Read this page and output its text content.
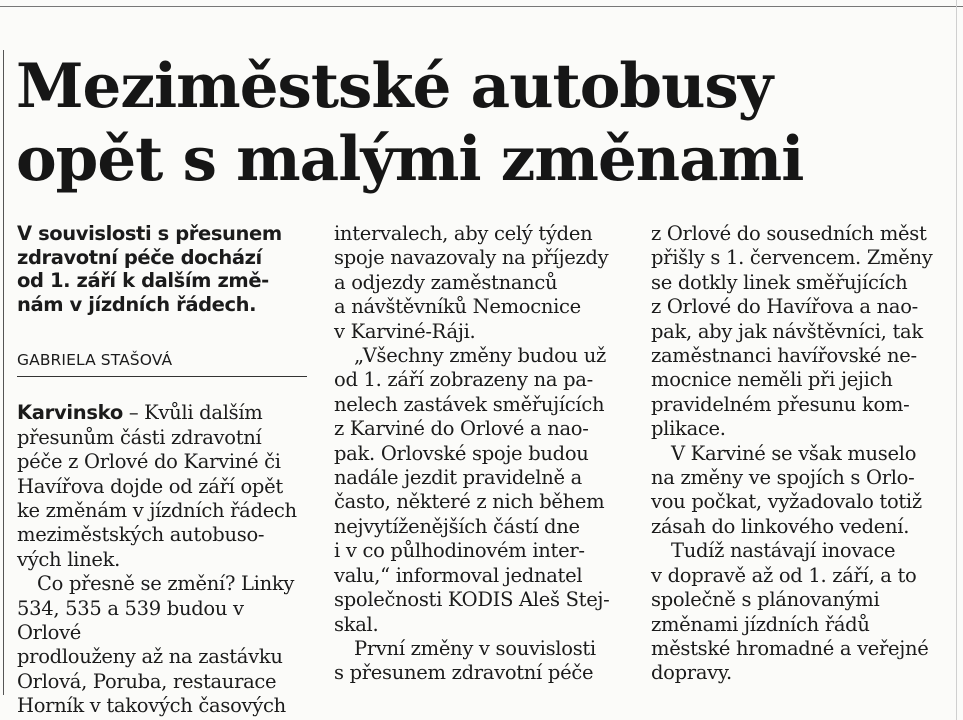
Meziměstské autobusy
opět s malými změnami
V souvislosti s přesunem
zdravotní péče dochází
od 1. září k dalším změ-
nám v jízdních řádech.
GABRIELA STAŠOVÁ

Karvinsko – Kvůli dalším

přesunům části zdravotní

péče z Orlové do Karviné či

Havířova dojde od září opět

ke změnám v jízdních řádech

meziměstských autobuso-

vých linek.

Co přesně se změní? Linky

534, 535 a 539 budou v Orlové

prodlouženy až na zastávku

Orlová, Poruba, restaurace

Horník v takových časových

intervalech, aby celý týden

spoje navazovaly na příjezdy

a odjezdy zaměstnanců

a návštěvníků Nemocnice

v Karviné-Ráji.

„Všechny změny budou už

od 1. září zobrazeny na pa-

nelech zastávek směřujících

z Karviné do Orlové a nao-

pak. Orlovské spoje budou

nadále jezdit pravidelně a

často, některé z nich během

nejvytíženějších částí dne

i v co půlhodinovém inter-

valu,“ informoval jednatel

společnosti KODIS Aleš Stej-

skal.

První změny v souvislosti

s přesunem zdravotní péče

z Orlové do sousedních měst

přišly s 1. červencem. Změny

se dotkly linek směřujících

z Orlové do Havířova a nao-

pak, aby jak návštěvníci, tak

zaměstnanci havířovské ne-

mocnice neměli při jejich

pravidelném přesunu kom-

plikace.

V Karviné se však muselo

na změny ve spojích s Orlo-

vou počkat, vyžadovalo totiž

zásah do linkového vedení.

Tudíž nastávají inovace

v dopravě až od 1. září, a to

společně s plánovanými

změnami jízdních řádů

městské hromadné a veřejné

dopravy.
